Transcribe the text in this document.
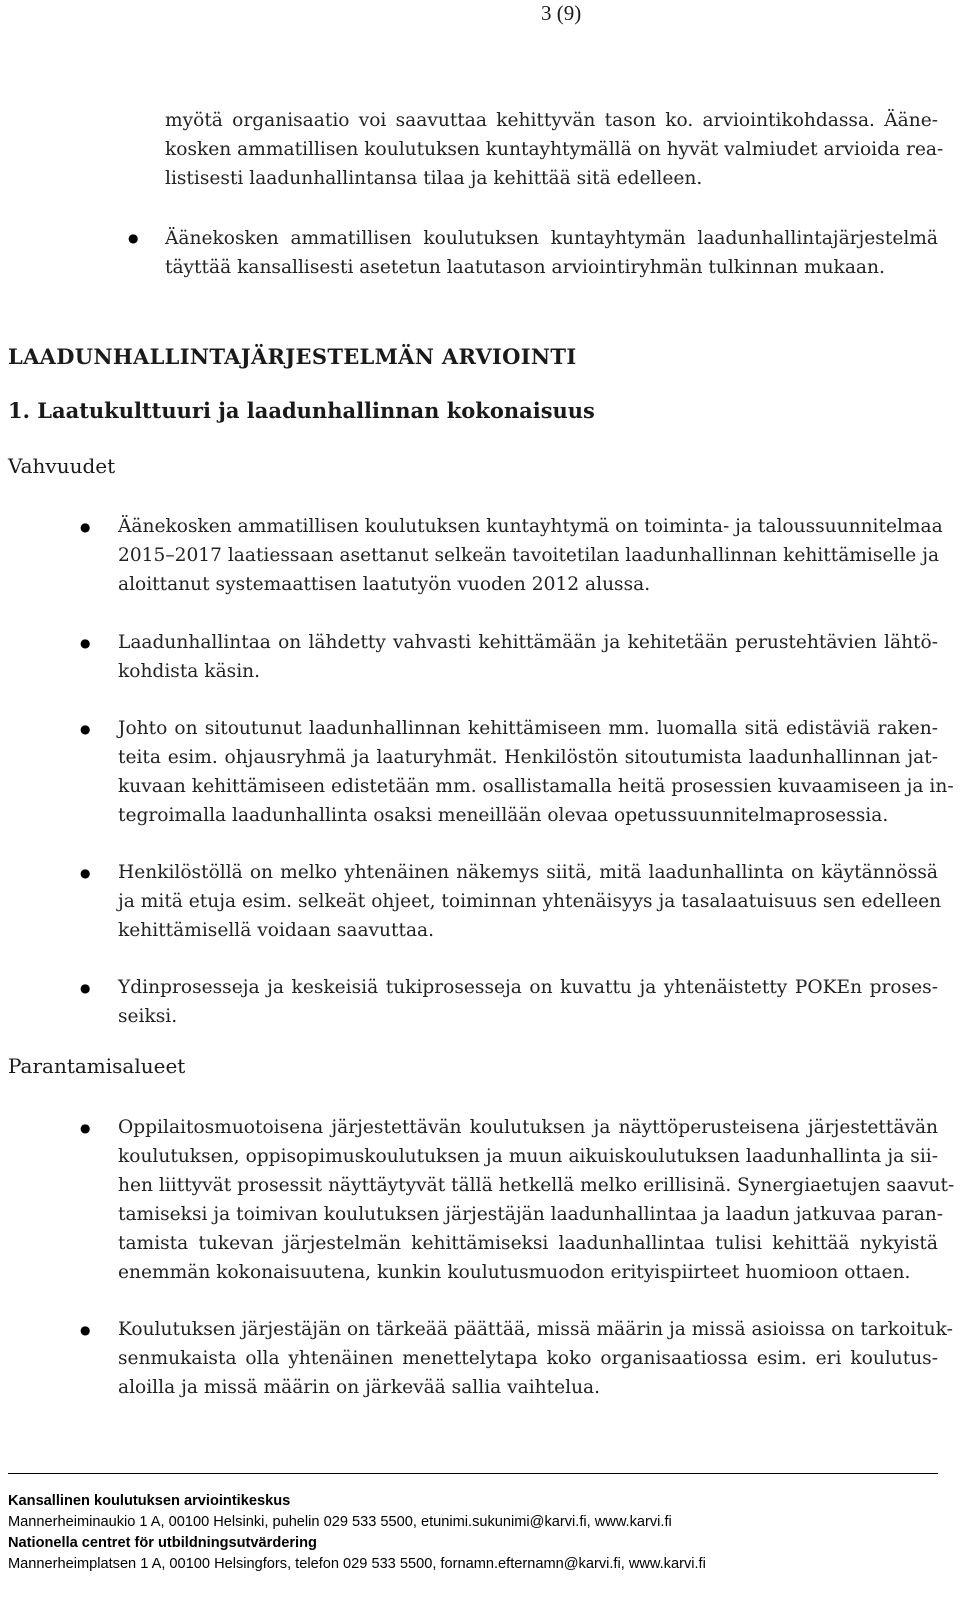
3 (9)
myötä organisaatio voi saavuttaa kehittyvän tason ko. arviointikohdassa. Ääne-
kosken ammatillisen koulutuksen kuntayhtymällä on hyvät valmiudet arvioida rea-
listisesti laadunhallintansa tilaa ja kehittää sitä edelleen.
● Äänekosken ammatillisen koulutuksen kuntayhtymän laadunhallintajärjestelmä
täyttää kansallisesti asetetun laatutason arviointiryhmän tulkinnan mukaan.
LAADUNHALLINTAJÄRJESTELMÄN ARVIOINTI
1. Laatukulttuuri ja laadunhallinnan kokonaisuus
Vahvuudet
● Äänekosken ammatillisen koulutuksen kuntayhtymä on toiminta- ja taloussuunnitelmaa
2015–2017 laatiessaan asettanut selkeän tavoitetilan laadunhallinnan kehittämiselle ja
aloittanut systemaattisen laatutyön vuoden 2012 alussa.
● Laadunhallintaa on lähdetty vahvasti kehittämään ja kehitetään perustehtävien lähtö-
kohdista käsin.
● Johto on sitoutunut laadunhallinnan kehittämiseen mm. luomalla sitä edistäviä raken-
teita esim. ohjausryhmä ja laaturyhmät. Henkilöstön sitoutumista laadunhallinnan jat-
kuvaan kehittämiseen edistetään mm. osallistamalla heitä prosessien kuvaamiseen ja in-
tegroimalla laadunhallinta osaksi meneillään olevaa opetussuunnitelmaprosessia.
● Henkilöstöllä on melko yhtenäinen näkemys siitä, mitä laadunhallinta on käytännössä
ja mitä etuja esim. selkeät ohjeet, toiminnan yhtenäisyys ja tasalaatuisuus sen edelleen
kehittämisellä voidaan saavuttaa.
● Ydinprosesseja ja keskeisiä tukiprosesseja on kuvattu ja yhtenäistetty POKEn proses-
seiksi.
Parantamisalueet
● Oppilaitosmuotoisena järjestettävän koulutuksen ja näyttöperusteisena järjestettävän
koulutuksen, oppisopimuskoulutuksen ja muun aikuiskoulutuksen laadunhallinta ja sii-
hen liittyvät prosessit näyttäytyvät tällä hetkellä melko erillisinä. Synergiaetujen saavut-
tamiseksi ja toimivan koulutuksen järjestäjän laadunhallintaa ja laadun jatkuvaa paran-
tamista tukevan järjestelmän kehittämiseksi laadunhallintaa tulisi kehittää nykyistä
enemmän kokonaisuutena, kunkin koulutusmuodon erityispiirteet huomioon ottaen.
● Koulutuksen järjestäjän on tärkeää päättää, missä määrin ja missä asioissa on tarkoituk-
senmukaista olla yhtenäinen menettelytapa koko organisaatiossa esim. eri koulutus-
aloilla ja missä määrin on järkevää sallia vaihtelua.
Kansallinen koulutuksen arviointikeskus
Mannerheiminaukio 1 A, 00100 Helsinki, puhelin 029 533 5500, etunimi.sukunimi@karvi.fi, www.karvi.fi
Nationella centret för utbildningsutvärdering
Mannerheimplatsen 1 A, 00100 Helsingfors, telefon 029 533 5500, fornamn.efternamn@karvi.fi, www.karvi.fi
